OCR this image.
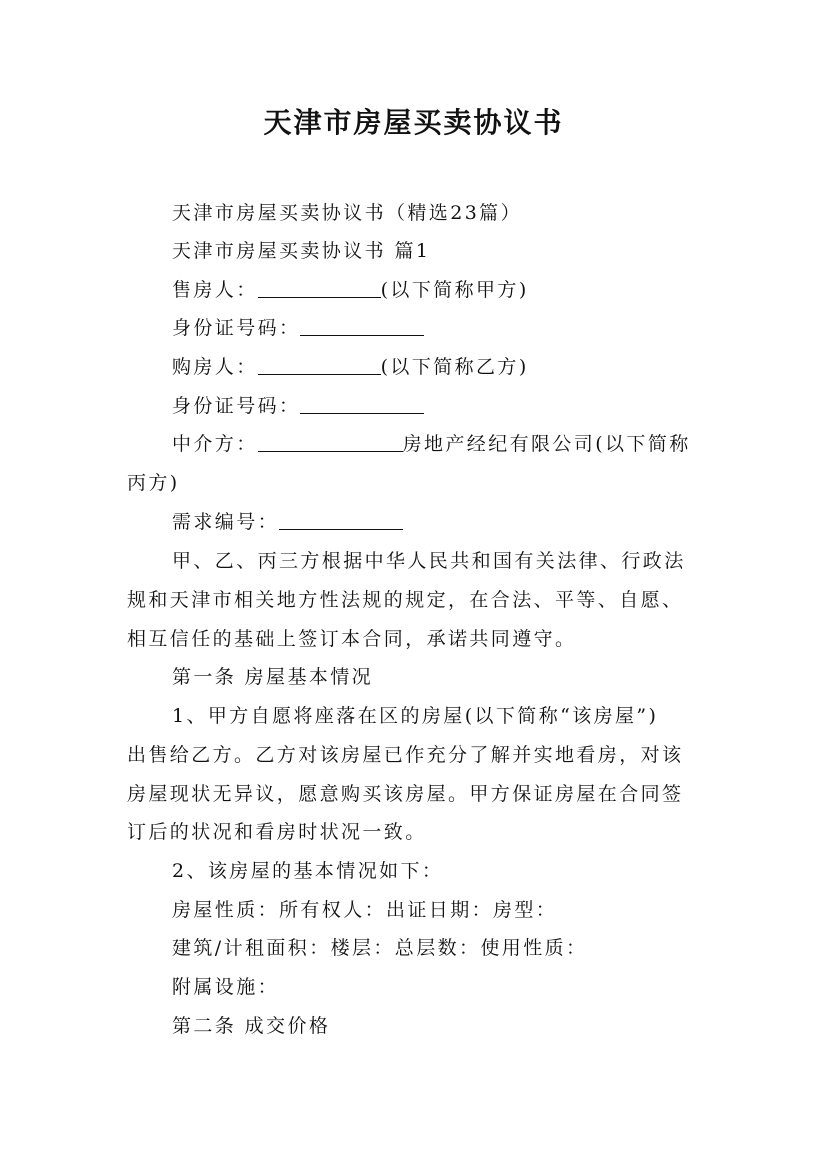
天津市房屋买卖协议书
天津市房屋买卖协议书（精选23篇）
天津市房屋买卖协议书 篇1
售房人：	(以下简称甲方)
身份证号码：
购房人：	(以下简称乙方)
身份证号码：
中介方：	房地产经纪有限公司(以下简称
丙方)
需求编号：
甲、乙、丙三方根据中华人民共和国有关法律、行政法
规和天津市相关地方性法规的规定，在合法、平等、自愿、
相互信任的基础上签订本合同，承诺共同遵守。
第一条 房屋基本情况
1、甲方自愿将座落在区的房屋(以下简称“该房屋”)
出售给乙方。乙方对该房屋已作充分了解并实地看房，对该
房屋现状无异议，愿意购买该房屋。甲方保证房屋在合同签
订后的状况和看房时状况一致。
2、该房屋的基本情况如下：
房屋性质：所有权人：出证日期：房型：
建筑/计租面积：楼层：总层数：使用性质：
附属设施：
第二条 成交价格
